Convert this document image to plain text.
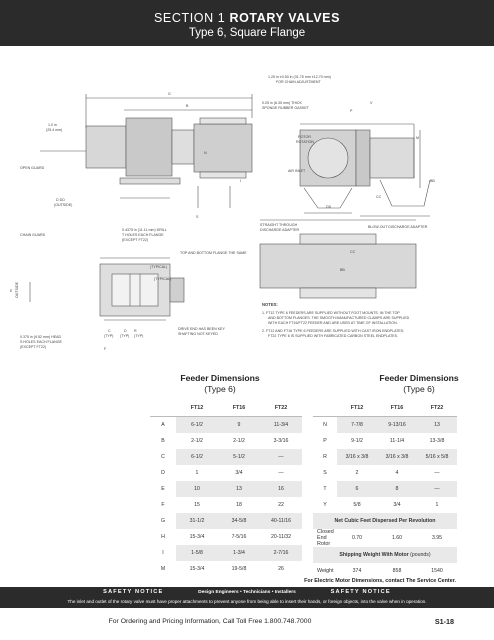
SECTION 1 ROTARY VALVES
Type 6, Square Flange
G
B
1.25 in ±0.50 in (31.75 mm ±12.70 mm)
FOR CHAIN ADJUSTMENT
0.25 in (6.35 mm) THICK
SPONGE RUBBER GASKET
V
P
M
ROTOR
ROTATION
1.0 in
(25.4 mm)
OPEN GUARD
AIR INLET
N
S
I	BB
CC
DD
D DD
(OUTSIDE)
CHAIN GUARD
0.4375 in (11.11 mm) DRILL
T HOLES EACH FLANGE
(EXCEPT FT22)
STRAIGHT THROUGH
DISCHARGE ADAPTER
BLOW-OUT DISCHARGE ADAPTER
TOP AND BOTTOM FLANGE THE SAME	CC
BB
(TYPICAL)
(TYPICAL)
OUTSIDE
E
0.375 in (9.52 mm) HEAD
S HOLES EACH FLANGE
(EXCEPT FT22)
C	D R
(TYP) (TYP) (TYP)
F
DRIVE END HAS BEEN KEY
SHAFTING NOT KEYED
NOTES:
1. FT12 TYPE 6 FEEDERS ARE SUPPLIED WITHOUT FOOT MOUNTS. IN THE TOP
AND BOTTOM FLANGES. THE SMOOTH MANUFACTURED CLAMPS ARE SUPPLIED
WITH EACH FT16/FT22 FEEDER AND ARE USED AT TIME OF INSTALLATION.
2. FT12 AND FT16 TYPE 6 FEEDERS ARE SUPPLIED WITH CAST IRON ENDPLATES;
FT22 TYPE 6 IS SUPPLIED WITH FABRICATED CARBON STEEL ENDPLATES.
Feeder Dimensions
(Type 6)
	FT12	FT16	FT22
A	6-1/2	9	11-3/4
B	2-1/2	2-1/2	3-3/16
C	6-1/2	5-1/2	—
D	1	3/4	—
E	10	13	16
F	15	18	22
G	31-1/2	34-5/8	40-11/16
H	15-3/4	7-5/16	20-11/32
I	1-5/8	1-3/4	2-7/16
M	15-3/4	19-5/8	26
Feeder Dimensions
(Type 6)
	FT12	FT16	FT22
N	7-7/8	9-13/16	13
P	9-1/2	11-1/4	13-3/8
R	3/16 x 3/8	3/16 x 3/8	5/16 x 5/8
S	2	4	—
T	6	8	—
Y	5/8	3/4	1
Net Cubic Feet Dispersed Per Revolution			
Closed End Rotor	0.70	1.60	3.95
Shipping Weight With Motor (pounds)			
Weight	374	858	1540
For Electric Motor Dimensions, contact The Service Center.
SAFETY NOTICE	Design Engineers • Technicians • Installers	SAFETY NOTICE
The inlet and outlet of the rotary valve must have proper attachments to prevent anyone from being able to insert their hands, or foreign objects, into the valve when in operation.
For Ordering and Pricing Information, Call Toll Free 1.800.748.7000	S1-18
